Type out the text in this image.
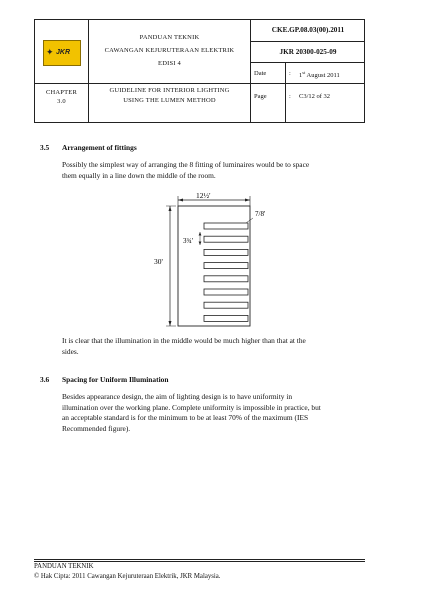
✦ JKR
PANDUAN TEKNIK
CAWANGAN KEJURUTERAAN ELEKTRIK
EDISI 4
CKE.GP.08.03(00).2011
JKR 20300-025-09
Date	: 1st August 2011
CHAPTER
3.0
GUIDELINE FOR INTERIOR LIGHTING
USING THE LUMEN METHOD
Page	: C3/12 of 32
3.5 Arrangement of fittings
Possibly the simplest way of arranging the 8 fitting of luminaires would be to space
them equally in a line down the middle of the room.
12½'
7/8'
3¾'
30'
It is clear that the illumination in the middle would be much higher than that at the
sides.
3.6 Spacing for Uniform Illumination
Besides appearance design, the aim of lighting design is to have uniformity in
illumination over the working plane. Complete uniformity is impossible in practice, but
an acceptable standard is for the minimum to be at least 70% of the maximum (IES
Recommended figure).
PANDUAN TEKNIK
© Hak Cipta: 2011 Cawangan Kejuruteraan Elektrik, JKR Malaysia.
